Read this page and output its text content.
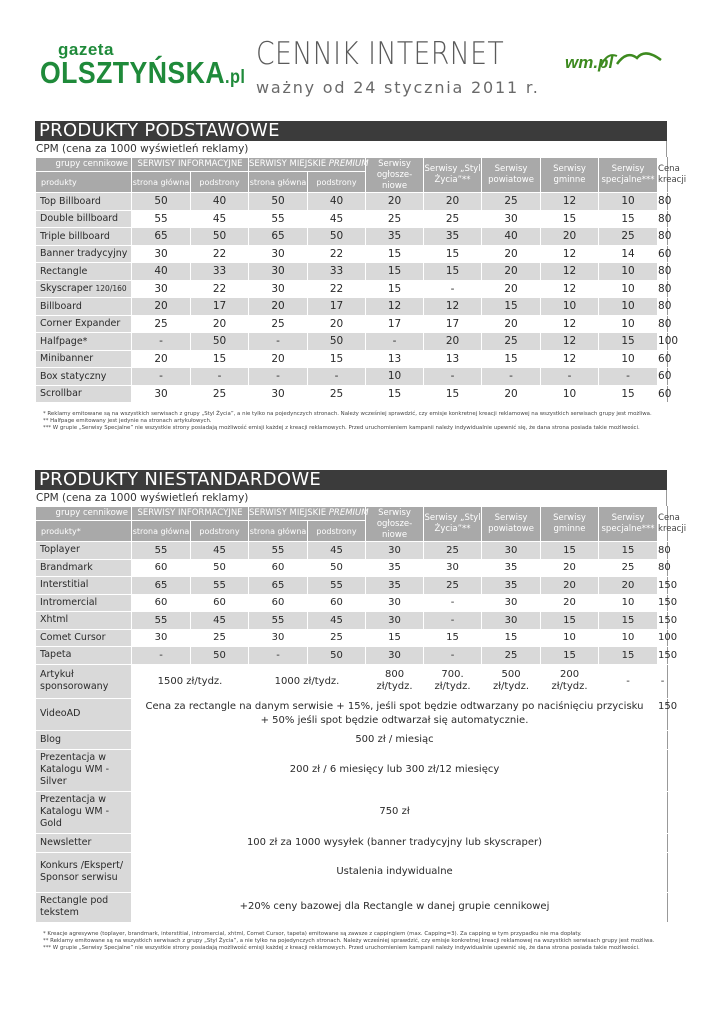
gazeta
OLSZTYŃSKA.pl
CENNIK INTERNET
ważny od 24 stycznia 2011 r.
wm.pl
PRODUKTY PODSTAWOWE
CPM (cena za 1000 wyświetleń reklamy)
grupy cennikowe	SERWISY INFORMACYJNE		SERWISY MIEJSKIE PREMIUM		Serwisy ogłosze-niowe	Serwisy „Styl Życia”**	Serwisy powiatowe	Serwisy gminne	Serwisy specjalne***	Cena kreacji
produkty	strona główna	podstrony	strona główna	podstrony						
Top Billboard	50	40	50	40	20	20	25	12	10	80
Double billboard	55	45	55	45	25	25	30	15	15	80
Triple billboard	65	50	65	50	35	35	40	20	25	80
Banner tradycyjny	30	22	30	22	15	15	20	12	14	60
Rectangle	40	33	30	33	15	15	20	12	10	80
Skyscraper 120/160	30	22	30	22	15	-	20	12	10	80
Billboard	20	17	20	17	12	12	15	10	10	80
Corner Expander	25	20	25	20	17	17	20	12	10	80
Halfpage*	-	50	-	50	-	20	25	12	15	100
Minibanner	20	15	20	15	13	13	15	12	10	60
Box statyczny	-	-	-	-	10	-	-	-	-	60
Scrollbar	30	25	30	25	15	15	20	10	15	60

* Reklamy emitowane są na wszystkich serwisach z grupy „Styl Życia”, a nie tylko na pojedynczych stronach. Należy wcześniej sprawdzić, czy emisje konkretnej kreacji reklamowej na wszystkich serwisach grupy jest możliwa.

** Halfpage emitowany jest jedynie na stronach artykułowych.

*** W grupie „Serwisy Specjalne” nie wszystkie strony posiadają możliwość emisji każdej z kreacji reklamowych. Przed uruchomieniem kampanii należy indywidualnie upewnić się, że dana strona posiada takie możliwości.

PRODUKTY NIESTANDARDOWE
CPM (cena za 1000 wyświetleń reklamy)
grupy cennikowe	SERWISY INFORMACYJNE		SERWISY MIEJSKIE PREMIUM		Serwisy ogłosze-niowe	Serwisy „Styl Życia”**	Serwisy powiatowe	Serwisy gminne	Serwisy specjalne***	Cena kreacji
produkty*	strona główna	podstrony	strona główna	podstrony						
Toplayer	55	45	55	45	30	25	30	15	15	80
Brandmark	60	50	60	50	35	30	35	20	25	80
Interstitial	65	55	65	55	35	25	35	20	20	150
Intromercial	60	60	60	60	30	-	30	20	10	150
Xhtml	55	45	55	45	30	-	30	15	15	150
Comet Cursor	30	25	30	25	15	15	15	10	10	100
Tapeta	-	50	-	50	30	-	25	15	15	150
Artykuł sponsorowany	1500 zł/tydz.		1000 zł/tydz.		800 zł/tydz.	700. zł/tydz.	500 zł/tydz.	200 zł/tydz.	-	-
VideoAD	Cena za rectangle na danym serwisie + 15%, jeśli spot będzie odtwarzany po naciśnięciu przycisku
+ 50% jeśli spot będzie odtwarzał się automatycznie.									150
Blog	500 zł / miesiąc									
Prezentacja w Katalogu WM - Silver	200 zł / 6 miesięcy lub 300 zł/12 miesięcy									
Prezentacja w Katalogu WM - Gold	750 zł									
Newsletter	100 zł za 1000 wysyłek (banner tradycyjny lub skyscraper)									
Konkurs /Ekspert/ Sponsor serwisu	Ustalenia indywidualne									
Rectangle pod tekstem	+20% ceny bazowej dla Rectangle w danej grupie cennikowej									

* Kreacje agresywne (toplayer, brandmark, interstitial, intromercial, xhtml, Comet Cursor, tapeta) emitowane są zawsze z cappingiem (max. Capping=3). Za capping w tym przypadku nie ma dopłaty.

** Reklamy emitowane są na wszystkich serwisach z grupy „Styl Życia”, a nie tylko na pojedynczych stronach. Należy wcześniej sprawdzić, czy emisje konkretnej kreacji reklamowej na wszystkich serwisach grupy jest możliwa.

*** W grupie „Serwisy Specjalne” nie wszystkie strony posiadają możliwość emisji każdej z kreacji reklamowych. Przed uruchomieniem kampanii należy indywidualnie upewnić się, że dana strona posiada takie możliwości.
